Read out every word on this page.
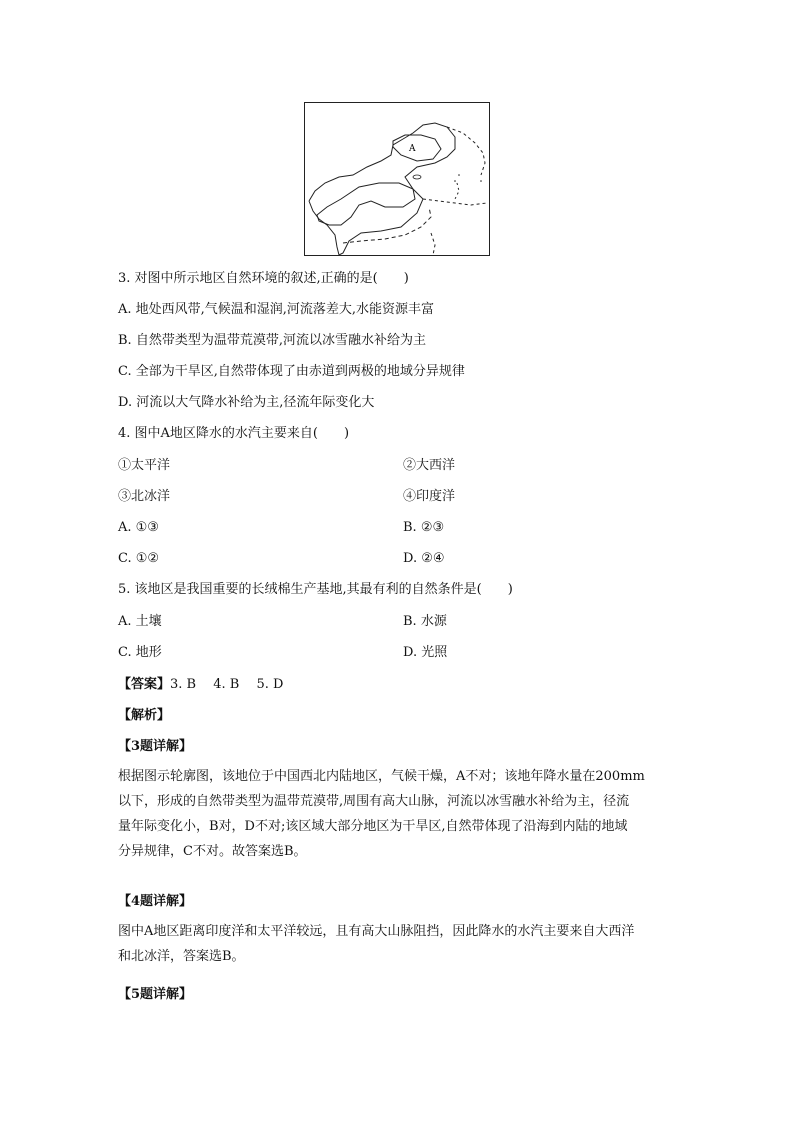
A
3. 对图中所示地区自然环境的叙述,正确的是(　　)
A. 地处西风带,气候温和湿润,河流落差大,水能资源丰富
B. 自然带类型为温带荒漠带,河流以冰雪融水补给为主
C. 全部为干旱区,自然带体现了由赤道到两极的地域分异规律
D. 河流以大气降水补给为主,径流年际变化大
4. 图中A地区降水的水汽主要来自(　　)
①太平洋	②大西洋
③北冰洋	④印度洋
A. ①③	B. ②③
C. ①②	D. ②④
5. 该地区是我国重要的长绒棉生产基地,其最有利的自然条件是(　　)
A. 土壤	B. 水源
C. 地形	D. 光照
【答案】3. B　 4. B　 5. D
【解析】
【3题详解】
根据图示轮廓图，该地位于中国西北内陆地区，气候干燥，A不对；该地年降水量在200mm
以下，形成的自然带类型为温带荒漠带,周围有高大山脉，河流以冰雪融水补给为主，径流
量年际变化小，B对，D不对;该区域大部分地区为干旱区,自然带体现了沿海到内陆的地域
分异规律，C不对。故答案选B。
【4题详解】
图中A地区距离印度洋和太平洋较远，且有高大山脉阻挡，因此降水的水汽主要来自大西洋
和北冰洋，答案选B。
【5题详解】
